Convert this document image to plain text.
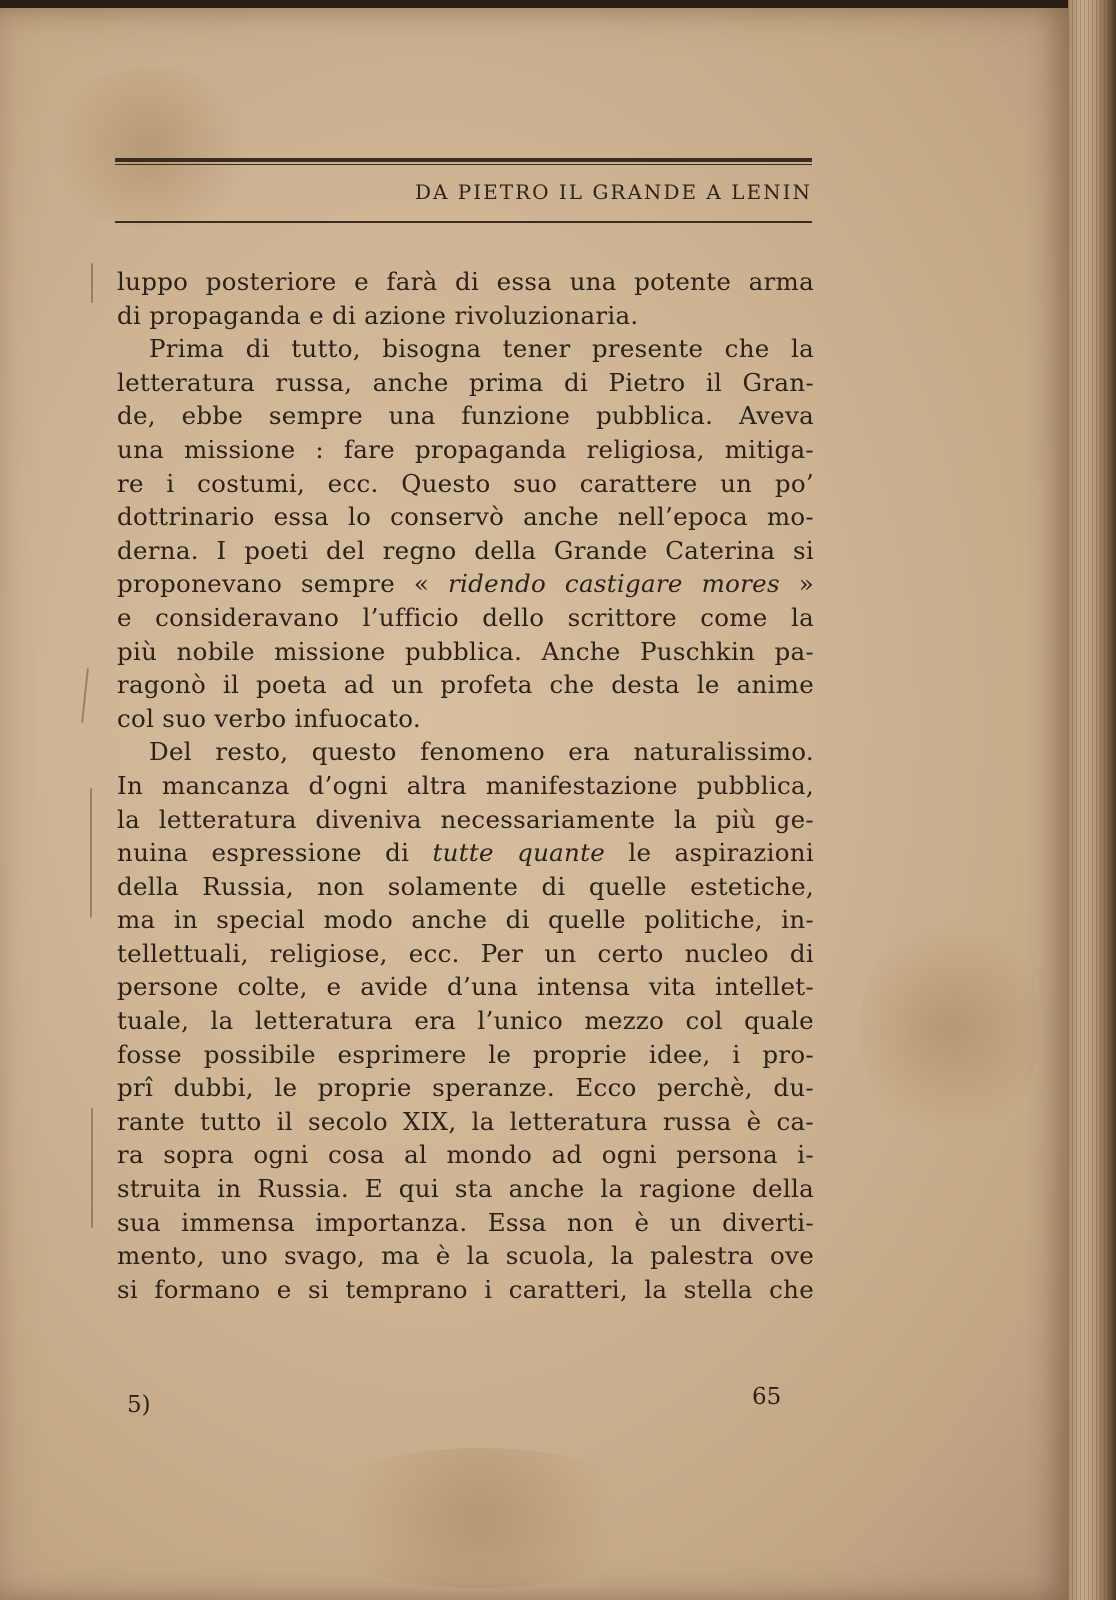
DA PIETRO IL GRANDE A LENIN
luppo posteriore e farà di essa una potente arma
di propaganda e di azione rivoluzionaria.
Prima di tutto, bisogna tener presente che la
letteratura russa, anche prima di Pietro il Gran-
de, ebbe sempre una funzione pubblica. Aveva
una missione : fare propaganda religiosa, mitiga-
re i costumi, ecc. Questo suo carattere un po’
dottrinario essa lo conservò anche nell’epoca mo-
derna. I poeti del regno della Grande Caterina si
proponevano sempre « ridendo castigare mores »
e consideravano l’ufficio dello scrittore come la
più nobile missione pubblica. Anche Puschkin pa-
ragonò il poeta ad un profeta che desta le anime
col suo verbo infuocato.
Del resto, questo fenomeno era naturalissimo.
In mancanza d’ogni altra manifestazione pubblica,
la letteratura diveniva necessariamente la più ge-
nuina espressione di tutte quante le aspirazioni
della Russia, non solamente di quelle estetiche,
ma in special modo anche di quelle politiche, in-
tellettuali, religiose, ecc. Per un certo nucleo di
persone colte, e avide d’una intensa vita intellet-
tuale, la letteratura era l’unico mezzo col quale
fosse possibile esprimere le proprie idee, i pro-
prî dubbi, le proprie speranze. Ecco perchè, du-
rante tutto il secolo XIX, la letteratura russa è ca-
ra sopra ogni cosa al mondo ad ogni persona i-
struita in Russia. E qui sta anche la ragione della
sua immensa importanza. Essa non è un diverti-
mento, uno svago, ma è la scuola, la palestra ove
si formano e si temprano i caratteri, la stella che
5)	65
